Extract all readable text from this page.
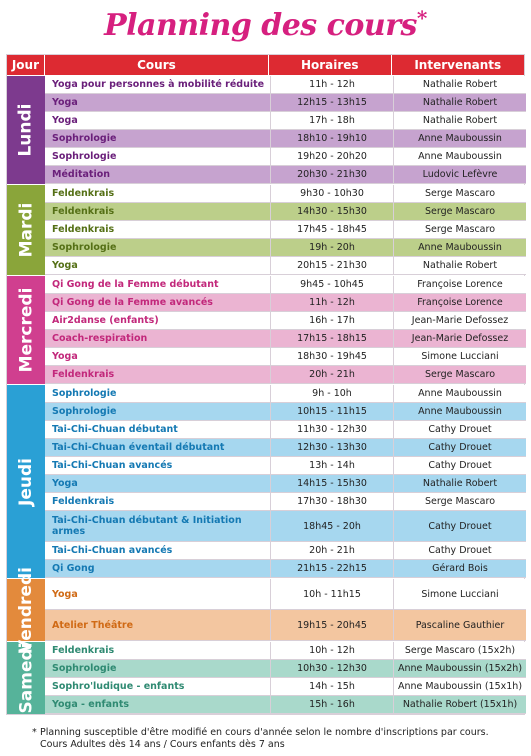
Planning des cours*
Jour	Cours	Horaires	Intervenants
Lundi
Yoga pour personnes à mobilité réduite	11h - 12h	Nathalie Robert
Yoga	12h15 - 13h15	Nathalie Robert
Yoga	17h - 18h	Nathalie Robert
Sophrologie	18h10 - 19h10	Anne Mauboussin
Sophrologie	19h20 - 20h20	Anne Mauboussin
Méditation	20h30 - 21h30	Ludovic Lefèvre
Mardi
Feldenkrais	9h30 - 10h30	Serge Mascaro
Feldenkrais	14h30 - 15h30	Serge Mascaro
Feldenkrais	17h45 - 18h45	Serge Mascaro
Sophrologie	19h - 20h	Anne Mauboussin
Yoga	20h15 - 21h30	Nathalie Robert
Mercredi
Qi Gong de la Femme débutant	9h45 - 10h45	Françoise Lorence
Qi Gong de la Femme avancés	11h - 12h	Françoise Lorence
Air2danse (enfants)	16h - 17h	Jean-Marie Defossez
Coach-respiration	17h15 - 18h15	Jean-Marie Defossez
Yoga	18h30 - 19h45	Simone Lucciani
Feldenkrais	20h - 21h	Serge Mascaro
Jeudi
Sophrologie	9h - 10h	Anne Mauboussin
Sophrologie	10h15 - 11h15	Anne Mauboussin
Tai-Chi-Chuan débutant	11h30 - 12h30	Cathy Drouet
Tai-Chi-Chuan éventail débutant	12h30 - 13h30	Cathy Drouet
Tai-Chi-Chuan avancés	13h - 14h	Cathy Drouet
Yoga	14h15 - 15h30	Nathalie Robert
Feldenkrais	17h30 - 18h30	Serge Mascaro
Tai-Chi-Chuan débutant & Initiation armes	18h45 - 20h	Cathy Drouet
Tai-Chi-Chuan avancés	20h - 21h	Cathy Drouet
Qi Gong	21h15 - 22h15	Gérard Bois
Vendredi	Yoga	10h - 11h15	Simone Lucciani
Atelier Théâtre	19h15 - 20h45	Pascaline Gauthier
Samedi	Feldenkrais	10h - 12h	Serge Mascaro (15x2h)
Sophrologie	10h30 - 12h30	Anne Mauboussin (15x2h)
Sophro'ludique - enfants	14h - 15h	Anne Mauboussin (15x1h)
Yoga - enfants	15h - 16h	Nathalie Robert (15x1h)
* Planning susceptible d'être modifié en cours d'année selon le nombre d'inscriptions par cours.
Cours Adultes dès 14 ans / Cours enfants dès 7 ans
